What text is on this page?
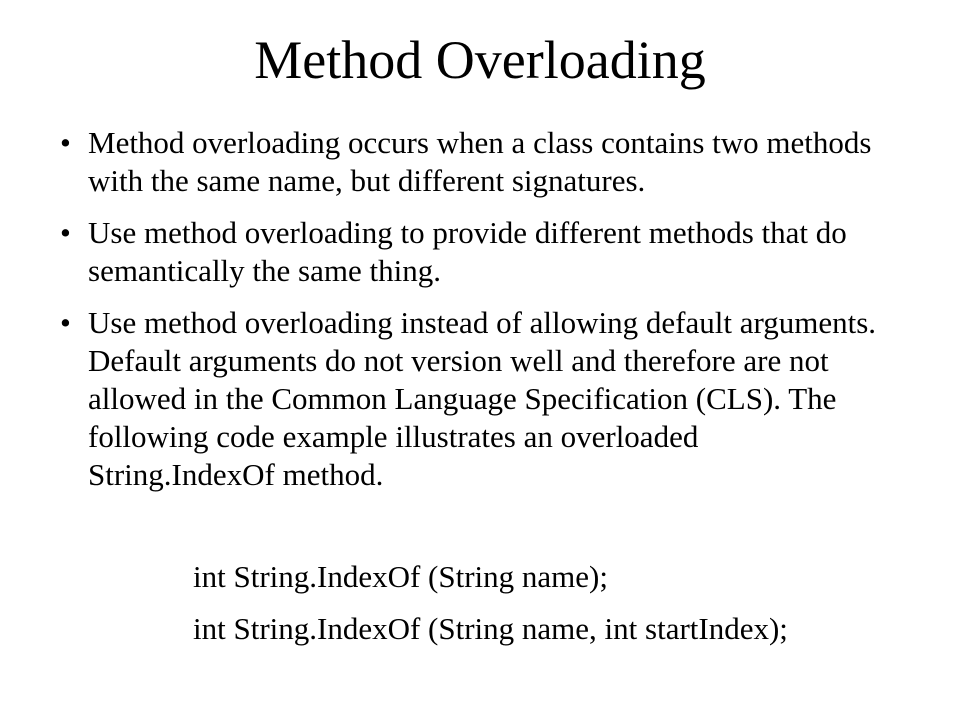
Method Overloading
• Method overloading occurs when a class contains two methods with the same name, but different signatures.
• Use method overloading to provide different methods that do semantically the same thing.
• Use method overloading instead of allowing default arguments. Default arguments do not version well and therefore are not allowed in the Common Language Specification (CLS). The following code example illustrates an overloaded String.IndexOf method.
int String.IndexOf (String name);
int String.IndexOf (String name, int startIndex);
